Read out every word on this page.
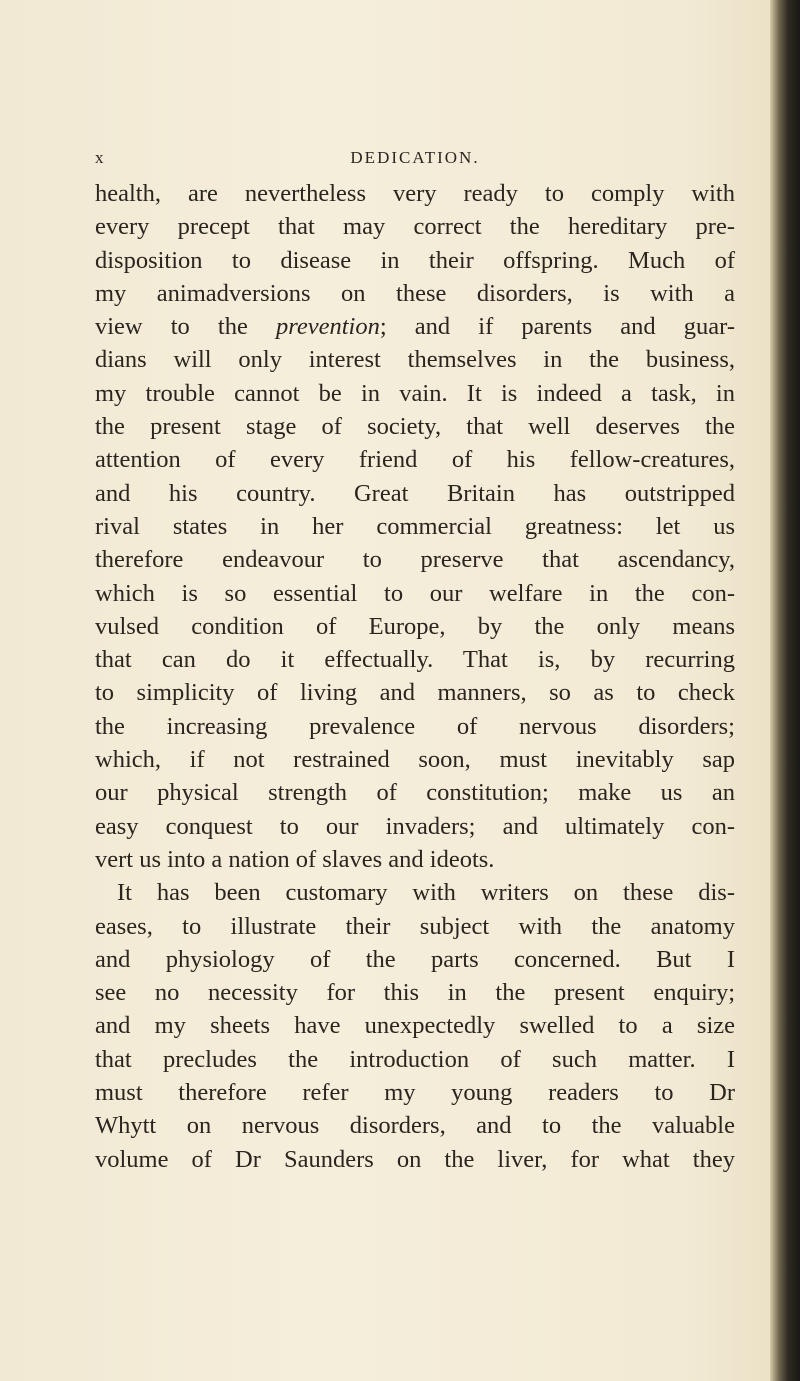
x	DEDICATION.
health, are nevertheless very ready to comply with
every precept that may correct the hereditary pre-
disposition to disease in their offspring. Much of
my animadversions on these disorders, is with a
view to the prevention; and if parents and guar-
dians will only interest themselves in the business,
my trouble cannot be in vain. It is indeed a task, in
the present stage of society, that well deserves the
attention of every friend of his fellow-creatures,
and his country. Great Britain has outstripped
rival states in her commercial greatness: let us
therefore endeavour to preserve that ascendancy,
which is so essential to our welfare in the con-
vulsed condition of Europe, by the only means
that can do it effectually. That is, by recurring
to simplicity of living and manners, so as to check
the increasing prevalence of nervous disorders;
which, if not restrained soon, must inevitably sap
our physical strength of constitution; make us an
easy conquest to our invaders; and ultimately con-
vert us into a nation of slaves and ideots.
It has been customary with writers on these dis-
eases, to illustrate their subject with the anatomy
and physiology of the parts concerned. But I
see no necessity for this in the present enquiry;
and my sheets have unexpectedly swelled to a size
that precludes the introduction of such matter. I
must therefore refer my young readers to Dr
Whytt on nervous disorders, and to the valuable
volume of Dr Saunders on the liver, for what they
